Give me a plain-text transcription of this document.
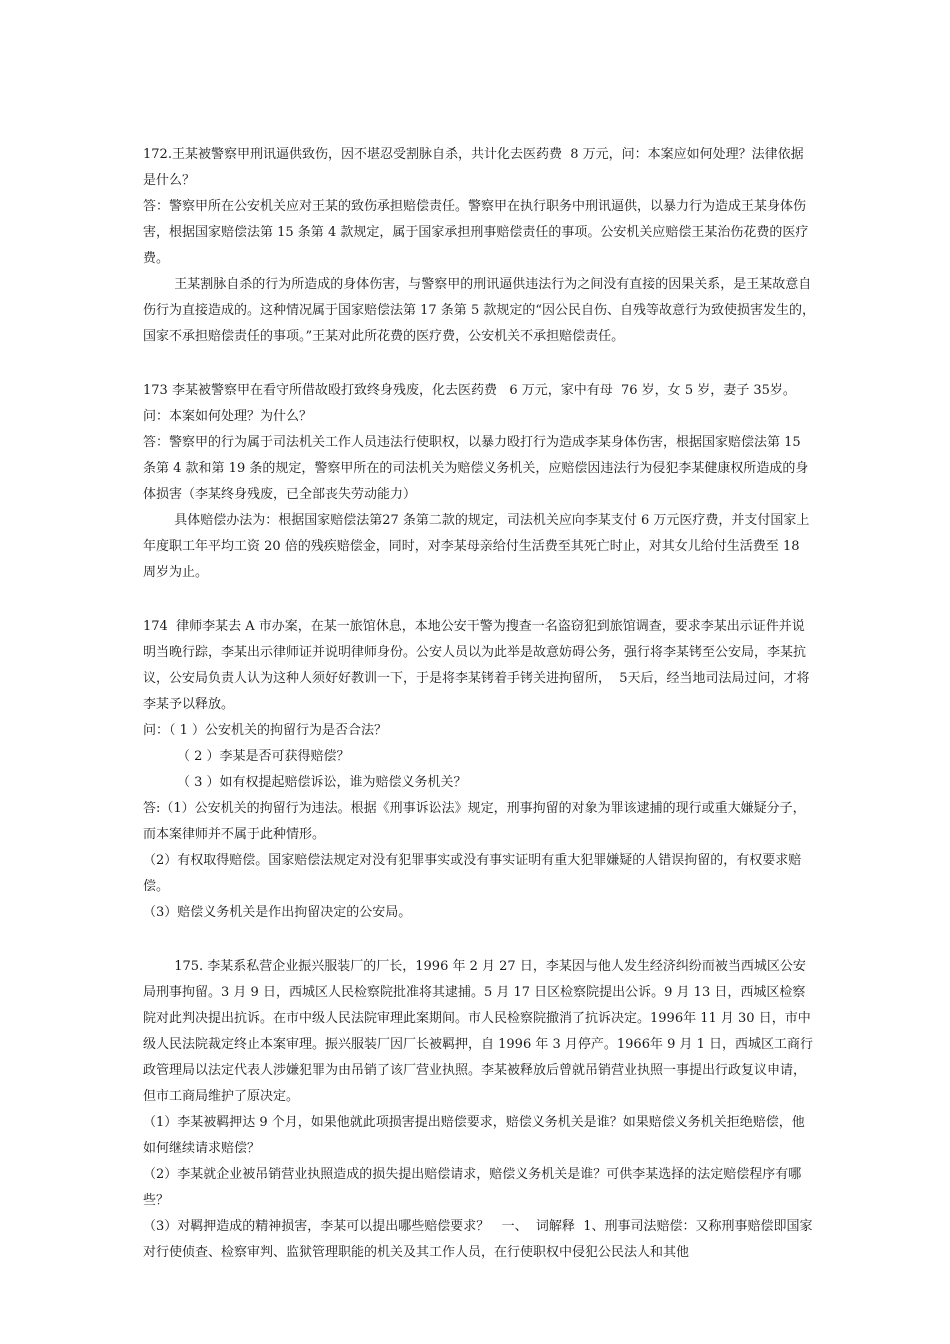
172.王某被警察甲刑讯逼供致伤，因不堪忍受割脉自杀，共计化去医药费  8 万元，问：本案应如何处理？法律依据是什么？

答：警察甲所在公安机关应对王某的致伤承担赔偿责任。警察甲在执行职务中刑讯逼供，以暴力行为造成王某身体伤害，根据国家赔偿法第 15 条第 4 款规定，属于国家承担刑事赔偿责任的事项。公安机关应赔偿王某治伤花费的医疗费。

王某割脉自杀的行为所造成的身体伤害，与警察甲的刑讯逼供违法行为之间没有直接的因果关系，是王某故意自伤行为直接造成的。这种情况属于国家赔偿法第 17 条第 5 款规定的“因公民自伤、自残等故意行为致使损害发生的，国家不承担赔偿责任的事项。”王某对此所花费的医疗费，公安机关不承担赔偿责任。

173 李某被警察甲在看守所借故殴打致终身残废，化去医药费   6 万元，家中有母  76 岁，女 5 岁，妻子 35岁。问：本案如何处理？为什么？

答：警察甲的行为属于司法机关工作人员违法行使职权，以暴力殴打行为造成李某身体伤害，根据国家赔偿法第 15 条第 4 款和第 19 条的规定，警察甲所在的司法机关为赔偿义务机关，应赔偿因违法行为侵犯李某健康权所造成的身体损害（李某终身残废，已全部丧失劳动能力）

具体赔偿办法为：根据国家赔偿法第27 条第二款的规定，司法机关应向李某支付 6 万元医疗费，并支付国家上年度职工年平均工资 20 倍的残疾赔偿金，同时，对李某母亲给付生活费至其死亡时止，对其女儿给付生活费至 18 周岁为止。

174  律师李某去 A 市办案，在某一旅馆休息，本地公安干警为搜查一名盗窃犯到旅馆调查，要求李某出示证件并说明当晚行踪，李某出示律师证并说明律师身份。公安人员以为此举是故意妨碍公务，强行将李某铐至公安局，李某抗议，公安局负责人认为这种人须好好教训一下，于是将李某铐着手铐关进拘留所，  5天后，经当地司法局过问，才将李某予以释放。

问：（ 1 ）公安机关的拘留行为是否合法？

（ 2 ）李某是否可获得赔偿？

（ 3 ）如有权提起赔偿诉讼，谁为赔偿义务机关？

答:（1）公安机关的拘留行为违法。根据《刑事诉讼法》规定，刑事拘留的对象为罪该逮捕的现行或重大嫌疑分子，而本案律师并不属于此种情形。

（2）有权取得赔偿。国家赔偿法规定对没有犯罪事实或没有事实证明有重大犯罪嫌疑的人错误拘留的，有权要求赔偿。

（3）赔偿义务机关是作出拘留决定的公安局。

175. 李某系私营企业振兴服装厂的厂长，1996 年 2 月 27 日，李某因与他人发生经济纠纷而被当西城区公安局刑事拘留。3 月 9 日，西城区人民检察院批准将其逮捕。5 月 17 日区检察院提出公诉。9 月 13 日，西城区检察院对此判决提出抗诉。在市中级人民法院审理此案期间。市人民检察院撤消了抗诉决定。1996年 11 月 30 日，市中级人民法院裁定终止本案审理。振兴服装厂因厂长被羁押，自 1996 年 3 月停产。1966年 9 月 1 日，西城区工商行政管理局以法定代表人涉嫌犯罪为由吊销了该厂营业执照。李某被释放后曾就吊销营业执照一事提出行政复议申请，但市工商局维护了原决定。

（1）李某被羁押达 9 个月，如果他就此项损害提出赔偿要求，赔偿义务机关是谁？如果赔偿义务机关拒绝赔偿，他如何继续请求赔偿？

（2）李某就企业被吊销营业执照造成的损失提出赔偿请求，赔偿义务机关是谁？可供李某选择的法定赔偿程序有哪些？

（3）对羁押造成的精神损害，李某可以提出哪些赔偿要求？   一、  词解释  1、刑事司法赔偿：又称刑事赔偿即国家对行使侦查、检察审判、监狱管理职能的机关及其工作人员，在行使职权中侵犯公民法人和其他
